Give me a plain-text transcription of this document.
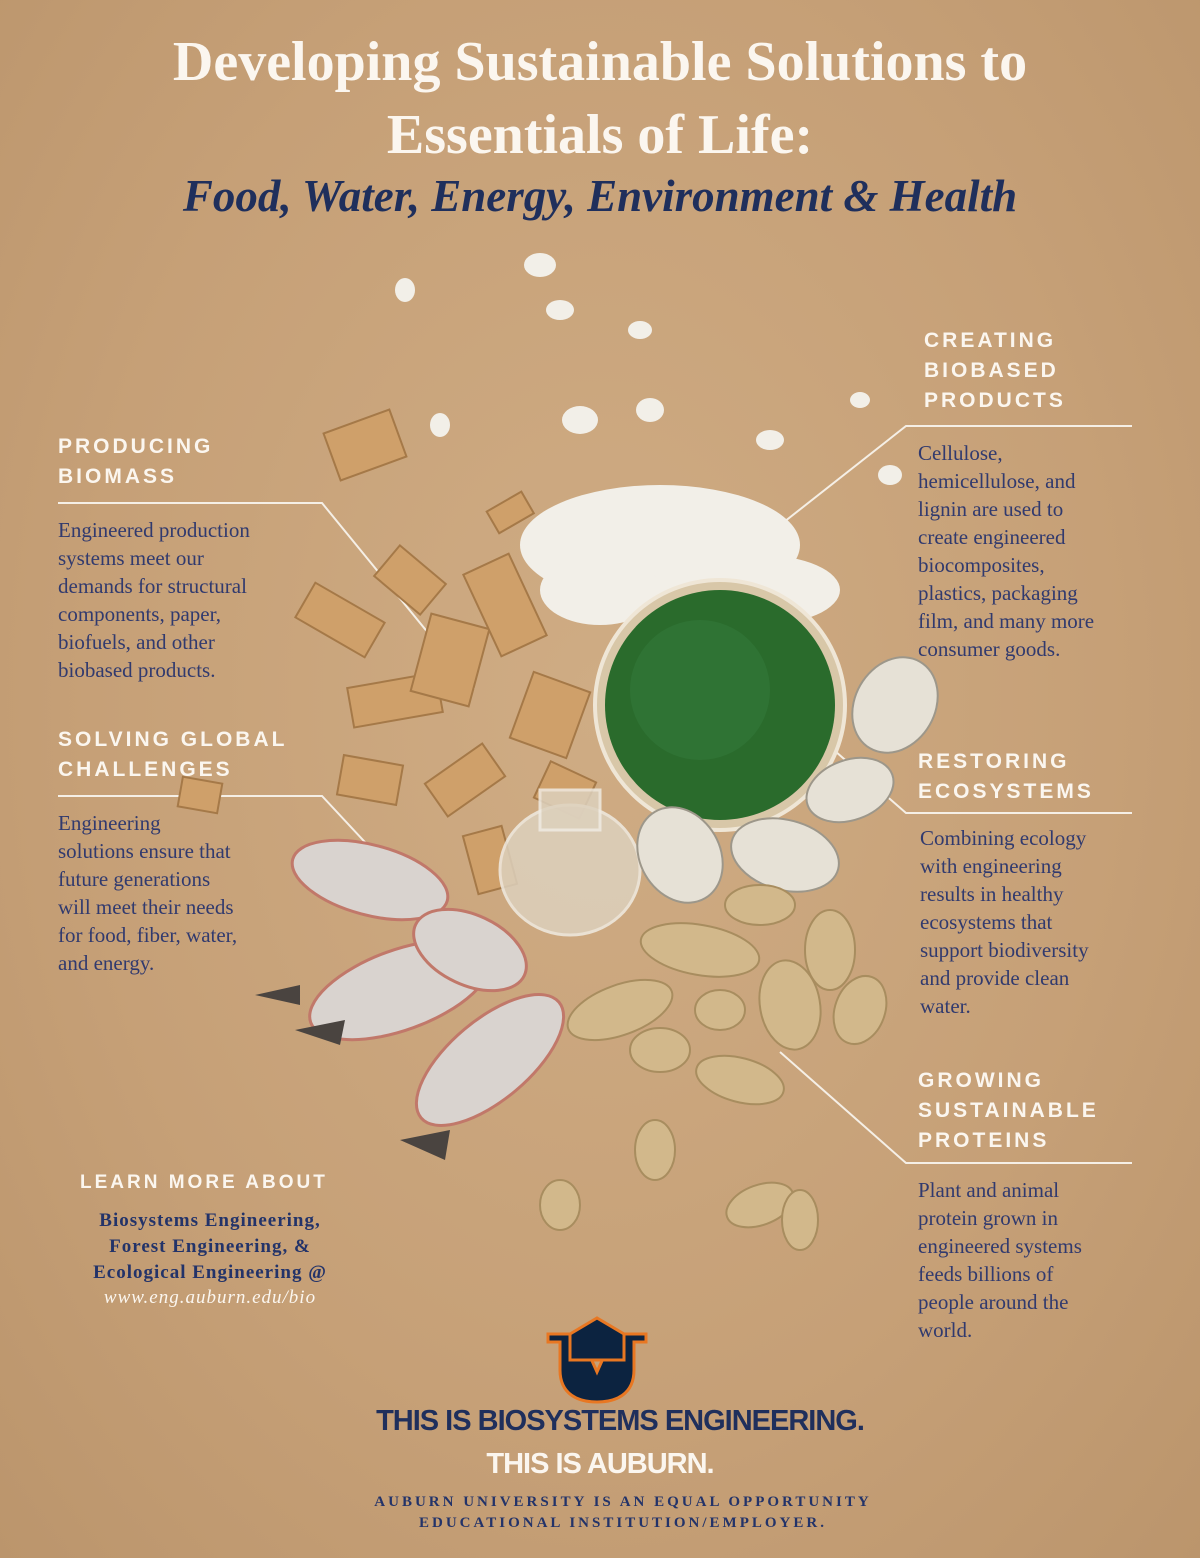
Developing Sustainable Solutions to
Essentials of Life:
Food, Water, Energy, Environment & Health

PRODUCING

BIOMASS

Engineered production
systems meet our
demands for structural
components, paper,
biofuels, and other
biobased products.

SOLVING GLOBAL

CHALLENGES

Engineering
solutions ensure that
future generations
will meet their needs
for food, fiber, water,
and energy.

CREATING

BIOBASED

PRODUCTS

Cellulose,
hemicellulose, and
lignin are used to
create engineered
biocomposites,
plastics, packaging
film, and many more
consumer goods.

RESTORING

ECOSYSTEMS

Combining ecology
with engineering
results in healthy
ecosystems that
support biodiversity
and provide clean
water.

GROWING

SUSTAINABLE

PROTEINS

Plant and animal
protein grown in
engineered systems
feeds billions of
people around the
world.

LEARN MORE ABOUT

Biosystems Engineering,
Forest Engineering, &
Ecological Engineering @

www.eng.auburn.edu/bio

THIS IS BIOSYSTEMS ENGINEERING.

THIS IS AUBURN.

AUBURN UNIVERSITY IS AN EQUAL OPPORTUNITY

EDUCATIONAL INSTITUTION/EMPLOYER.
